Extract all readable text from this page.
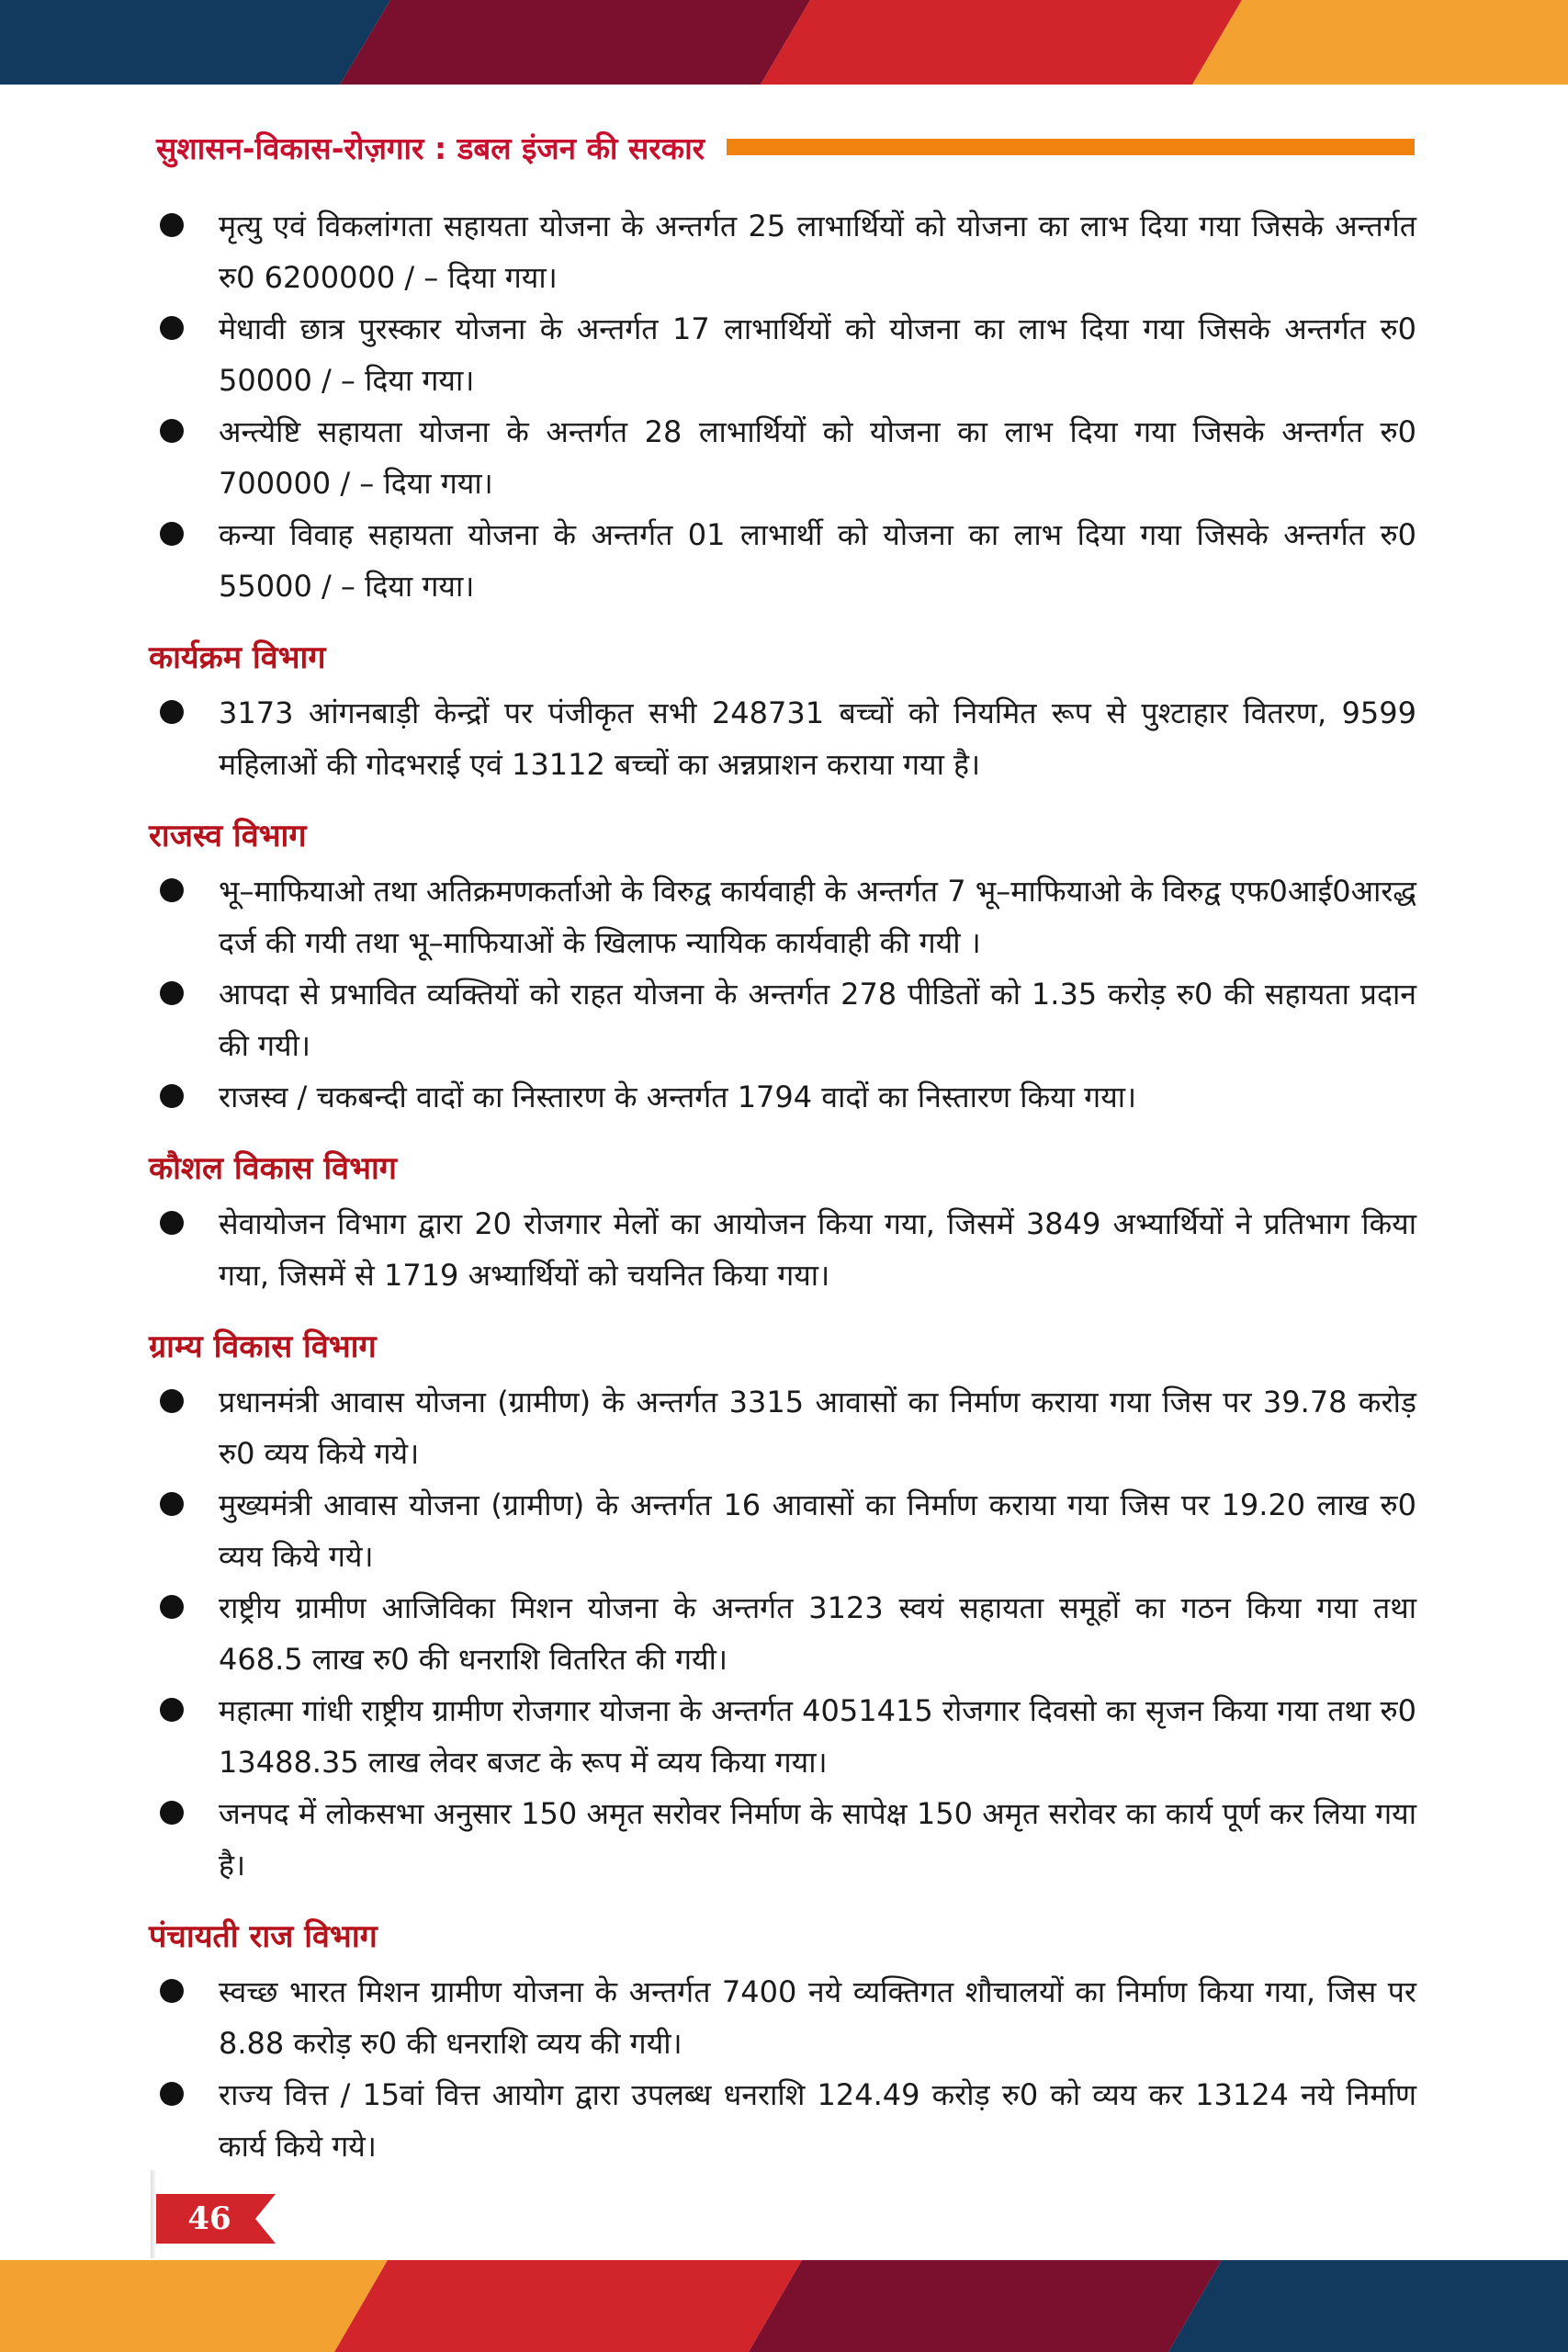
सुशासन-विकास-रोज़गार : डबल इंजन की सरकार
मृत्यु एवं विकलांगता सहायता योजना के अन्तर्गत 25 लाभार्थियों को योजना का लाभ दिया गया जिसके अन्तर्गत रु0 6200000 / – दिया गया।
मेधावी छात्र पुरस्कार योजना के अन्तर्गत 17 लाभार्थियों को योजना का लाभ दिया गया जिसके अन्तर्गत रु0 50000 / – दिया गया।
अन्त्येष्टि सहायता योजना के अन्तर्गत 28 लाभार्थियों को योजना का लाभ दिया गया जिसके अन्तर्गत रु0 700000 / – दिया गया।
कन्या विवाह सहायता योजना के अन्तर्गत 01 लाभार्थी को योजना का लाभ दिया गया जिसके अन्तर्गत रु0 55000 / – दिया गया।
कार्यक्रम विभाग
3173 आंगनबाड़ी केन्द्रों पर पंजीकृत सभी 248731 बच्चों को नियमित रूप से पुश्टाहार वितरण, 9599 महिलाओं की गोदभराई एवं 13112 बच्चों का अन्नप्राशन कराया गया है।
राजस्व विभाग
भू–माफियाओ तथा अतिक्रमणकर्ताओ के विरुद्व कार्यवाही के अन्तर्गत 7 भू–माफियाओ के विरुद्व एफ0आई0आरद्ध दर्ज की गयी तथा भू–माफियाओं के खिलाफ न्यायिक कार्यवाही की गयी ।
आपदा से प्रभावित व्यक्तियों को राहत योजना के अन्तर्गत 278 पीडितों को 1.35 करोड़ रु0 की सहायता प्रदान की गयी।
राजस्व / चकबन्दी वादों का निस्तारण के अन्तर्गत 1794 वादों का निस्तारण किया गया।
कौशल विकास विभाग
सेवायोजन विभाग द्वारा 20 रोजगार मेलों का आयोजन किया गया, जिसमें 3849 अभ्यार्थियों ने प्रतिभाग किया गया, जिसमें से 1719 अभ्यार्थियों को चयनित किया गया।
ग्राम्य विकास विभाग
प्रधानमंत्री आवास योजना (ग्रामीण) के अन्तर्गत 3315 आवासों का निर्माण कराया गया जिस पर 39.78 करोड़ रु0 व्यय किये गये।
मुख्यमंत्री आवास योजना (ग्रामीण) के अन्तर्गत 16 आवासों का निर्माण कराया गया जिस पर 19.20 लाख रु0 व्यय किये गये।
राष्ट्रीय ग्रामीण आजिविका मिशन योजना के अन्तर्गत 3123 स्वयं सहायता समूहों का गठन किया गया तथा 468.5 लाख रु0 की धनराशि वितरित की गयी।
महात्मा गांधी राष्ट्रीय ग्रामीण रोजगार योजना के अन्तर्गत 4051415 रोजगार दिवसो का सृजन किया गया तथा रु0 13488.35 लाख लेवर बजट के रूप में व्यय किया गया।
जनपद में लोकसभा अनुसार 150 अमृत सरोवर निर्माण के सापेक्ष 150 अमृत सरोवर का कार्य पूर्ण कर लिया गया है।
पंचायती राज विभाग
स्वच्छ भारत मिशन ग्रामीण योजना के अन्तर्गत 7400 नये व्यक्तिगत शौचालयों का निर्माण किया गया, जिस पर 8.88 करोड़ रु0 की धनराशि व्यय की गयी।
राज्य वित्त / 15वां वित्त आयोग द्वारा उपलब्ध धनराशि 124.49 करोड़ रु0 को व्यय कर 13124 नये निर्माण कार्य किये गये।
46
